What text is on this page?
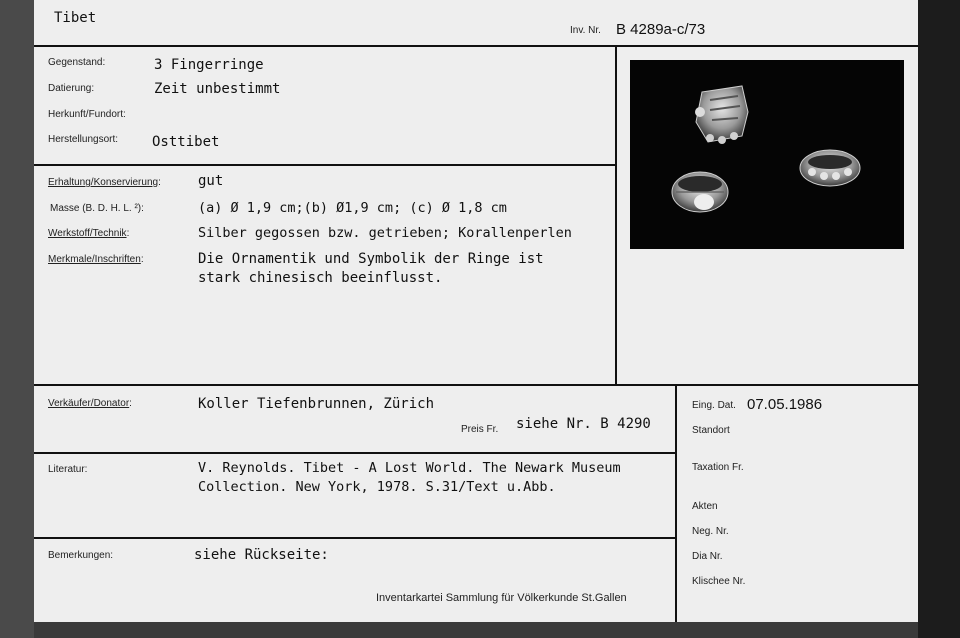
Tibet
Inv. Nr. B 4289a-c/73
Gegenstand:	3 Fingerringe
Datierung:	Zeit unbestimmt
Herkunft/Fundort:
Herstellungsort: Osttibet
Erhaltung/Konservierung:	gut
Masse (B. D. H. L. ²):	(a) Ø 1,9 cm;(b) Ø1,9 cm; (c) Ø 1,8 cm
Werkstoff/Technik:	Silber gegossen bzw. getrieben; Korallenperlen
Merkmale/Inschriften:	Die Ornamentik und Symbolik der Ringe ist
stark chinesisch beeinflusst.
Verkäufer/Donator:	Koller Tiefenbrunnen, Zürich
Preis Fr. siehe Nr. B 4290
Literatur:	V. Reynolds. Tibet - A Lost World. The Newark Museum
Collection. New York, 1978. S.31/Text u.Abb.
Bemerkungen:	siehe Rückseite:
Inventarkartei Sammlung für Völkerkunde St.Gallen
Eing. Dat. 07.05.1986
Standort
Taxation Fr.
Akten
Neg. Nr.
Dia Nr.
Klischee Nr.
